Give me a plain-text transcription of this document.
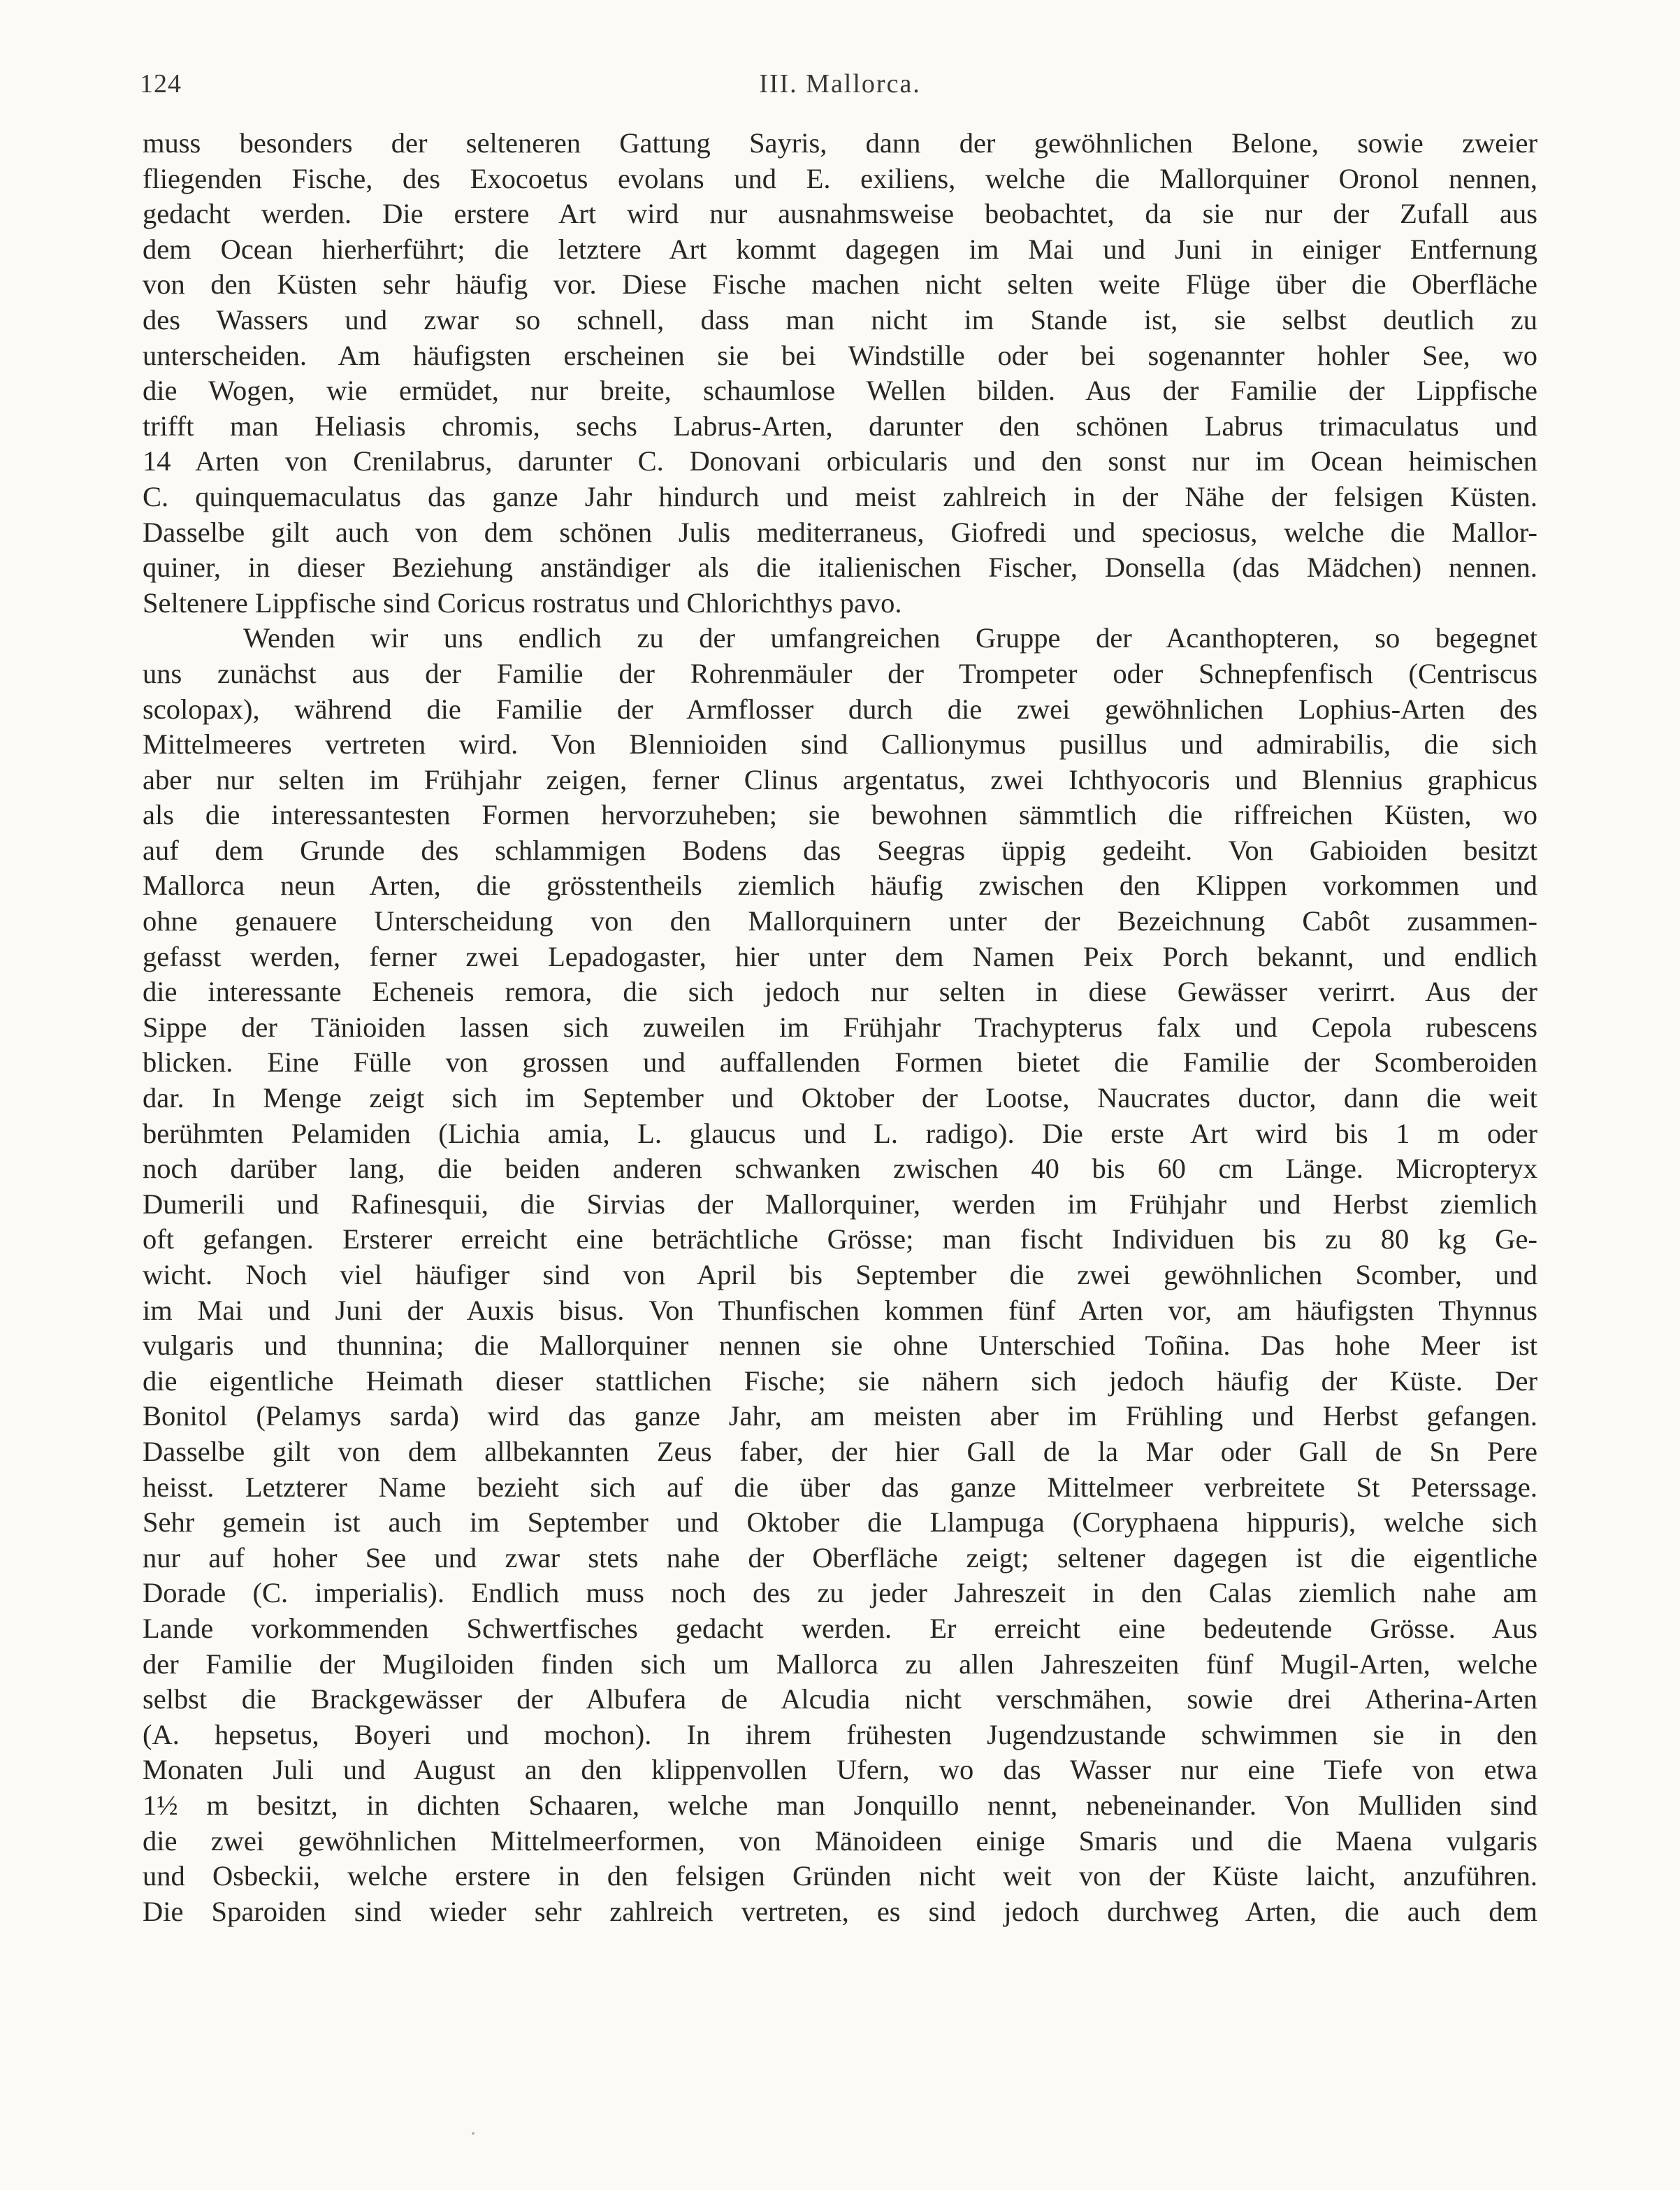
124	III. Mallorca.
muss besonders der selteneren Gattung Sayris, dann der gewöhnlichen Belone, sowie zweier
fliegenden Fische, des Exocoetus evolans und E. exiliens, welche die Mallorquiner Oronol nennen,
gedacht werden. Die erstere Art wird nur ausnahmsweise beobachtet, da sie nur der Zufall aus
dem Ocean hierherführt; die letztere Art kommt dagegen im Mai und Juni in einiger Entfernung
von den Küsten sehr häufig vor. Diese Fische machen nicht selten weite Flüge über die Oberfläche
des Wassers und zwar so schnell, dass man nicht im Stande ist, sie selbst deutlich zu
unterscheiden. Am häufigsten erscheinen sie bei Windstille oder bei sogenannter hohler See, wo
die Wogen, wie ermüdet, nur breite, schaumlose Wellen bilden. Aus der Familie der Lippfische
trifft man Heliasis chromis, sechs Labrus-Arten, darunter den schönen Labrus trimaculatus und
14 Arten von Crenilabrus, darunter C. Donovani orbicularis und den sonst nur im Ocean heimischen
C. quinquemaculatus das ganze Jahr hindurch und meist zahlreich in der Nähe der felsigen Küsten.
Dasselbe gilt auch von dem schönen Julis mediterraneus, Giofredi und speciosus, welche die Mallor-
quiner, in dieser Beziehung anständiger als die italienischen Fischer, Donsella (das Mädchen) nennen.
Seltenere Lippfische sind Coricus rostratus und Chlorichthys pavo.
Wenden wir uns endlich zu der umfangreichen Gruppe der Acanthopteren, so begegnet
uns zunächst aus der Familie der Rohrenmäuler der Trompeter oder Schnepfenfisch (Centriscus
scolopax), während die Familie der Armflosser durch die zwei gewöhnlichen Lophius-Arten des
Mittelmeeres vertreten wird. Von Blennioiden sind Callionymus pusillus und admirabilis, die sich
aber nur selten im Frühjahr zeigen, ferner Clinus argentatus, zwei Ichthyocoris und Blennius graphicus
als die interessantesten Formen hervorzuheben; sie bewohnen sämmtlich die riffreichen Küsten, wo
auf dem Grunde des schlammigen Bodens das Seegras üppig gedeiht. Von Gabioiden besitzt
Mallorca neun Arten, die grösstentheils ziemlich häufig zwischen den Klippen vorkommen und
ohne genauere Unterscheidung von den Mallorquinern unter der Bezeichnung Cabôt zusammen-
gefasst werden, ferner zwei Lepadogaster, hier unter dem Namen Peix Porch bekannt, und endlich
die interessante Echeneis remora, die sich jedoch nur selten in diese Gewässer verirrt. Aus der
Sippe der Tänioiden lassen sich zuweilen im Frühjahr Trachypterus falx und Cepola rubescens
blicken. Eine Fülle von grossen und auffallenden Formen bietet die Familie der Scomberoiden
dar. In Menge zeigt sich im September und Oktober der Lootse, Naucrates ductor, dann die weit
berühmten Pelamiden (Lichia amia, L. glaucus und L. radigo). Die erste Art wird bis 1 m oder
noch darüber lang, die beiden anderen schwanken zwischen 40 bis 60 cm Länge. Micropteryx
Dumerili und Rafinesquii, die Sirvias der Mallorquiner, werden im Frühjahr und Herbst ziemlich
oft gefangen. Ersterer erreicht eine beträchtliche Grösse; man fischt Individuen bis zu 80 kg Ge-
wicht. Noch viel häufiger sind von April bis September die zwei gewöhnlichen Scomber, und
im Mai und Juni der Auxis bisus. Von Thunfischen kommen fünf Arten vor, am häufigsten Thynnus
vulgaris und thunnina; die Mallorquiner nennen sie ohne Unterschied Toñina. Das hohe Meer ist
die eigentliche Heimath dieser stattlichen Fische; sie nähern sich jedoch häufig der Küste. Der
Bonitol (Pelamys sarda) wird das ganze Jahr, am meisten aber im Frühling und Herbst gefangen.
Dasselbe gilt von dem allbekannten Zeus faber, der hier Gall de la Mar oder Gall de Sn Pere
heisst. Letzterer Name bezieht sich auf die über das ganze Mittelmeer verbreitete St Peterssage.
Sehr gemein ist auch im September und Oktober die Llampuga (Coryphaena hippuris), welche sich
nur auf hoher See und zwar stets nahe der Oberfläche zeigt; seltener dagegen ist die eigentliche
Dorade (C. imperialis). Endlich muss noch des zu jeder Jahreszeit in den Calas ziemlich nahe am
Lande vorkommenden Schwertfisches gedacht werden. Er erreicht eine bedeutende Grösse. Aus
der Familie der Mugiloiden finden sich um Mallorca zu allen Jahreszeiten fünf Mugil-Arten, welche
selbst die Brackgewässer der Albufera de Alcudia nicht verschmähen, sowie drei Atherina-Arten
(A. hepsetus, Boyeri und mochon). In ihrem frühesten Jugendzustande schwimmen sie in den
Monaten Juli und August an den klippenvollen Ufern, wo das Wasser nur eine Tiefe von etwa
1½ m besitzt, in dichten Schaaren, welche man Jonquillo nennt, nebeneinander. Von Mulliden sind
die zwei gewöhnlichen Mittelmeerformen, von Mänoideen einige Smaris und die Maena vulgaris
und Osbeckii, welche erstere in den felsigen Gründen nicht weit von der Küste laicht, anzuführen.
Die Sparoiden sind wieder sehr zahlreich vertreten, es sind jedoch durchweg Arten, die auch dem
